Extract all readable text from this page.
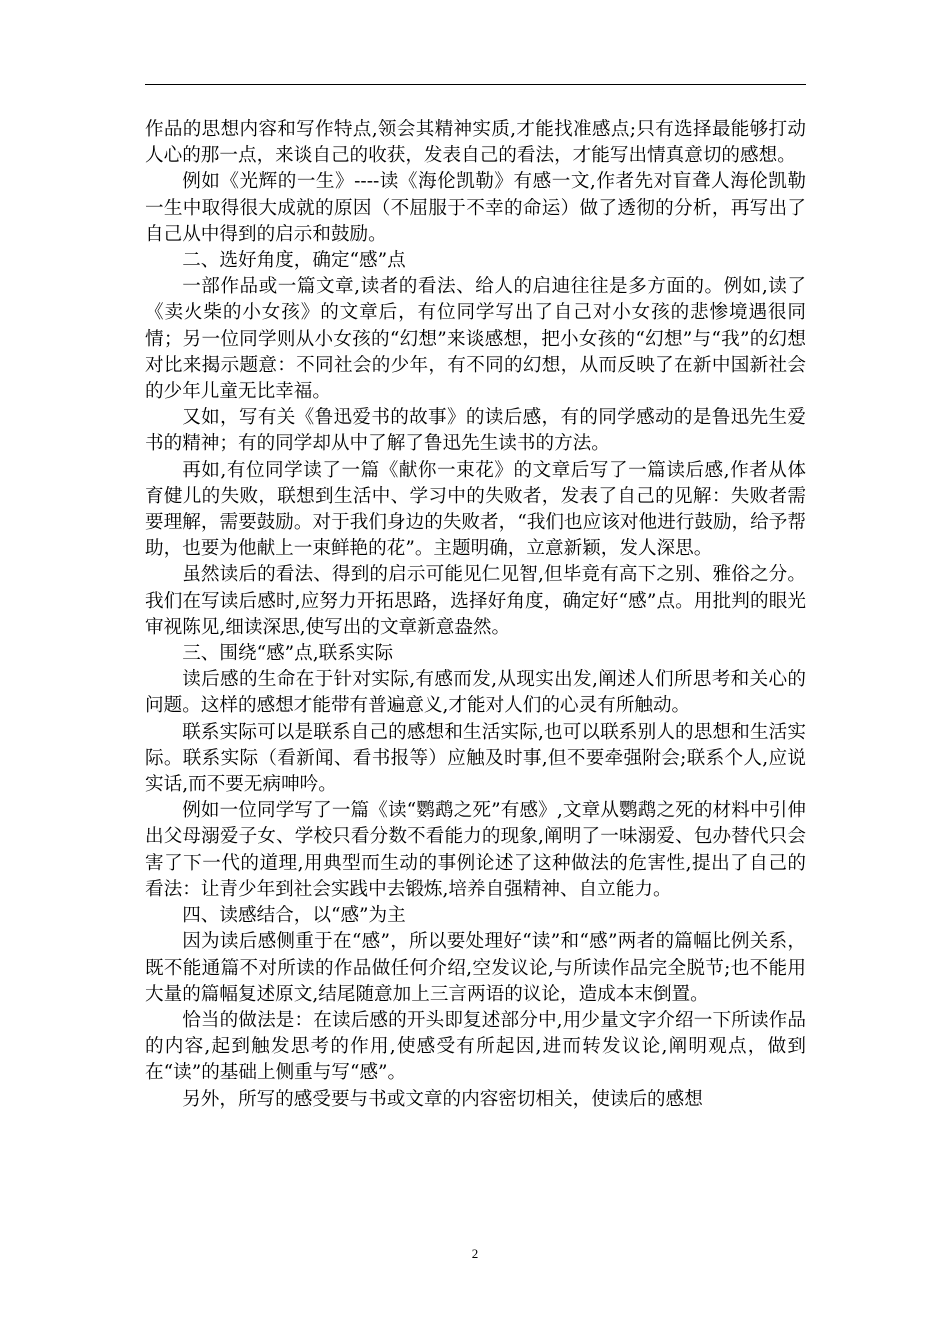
作品的思想内容和写作特点,领会其精神实质,才能找准感点;只有选择最能够打动人心的那一点，来谈自己的收获，发表自己的看法，才能写出情真意切的感想。

例如《光辉的一生》----读《海伦凯勒》有感一文,作者先对盲聋人海伦凯勒一生中取得很大成就的原因（不屈服于不幸的命运）做了透彻的分析，再写出了自己从中得到的启示和鼓励。

二、选好角度，确定“感”点

一部作品或一篇文章,读者的看法、给人的启迪往往是多方面的。例如,读了《卖火柴的小女孩》的文章后，有位同学写出了自己对小女孩的悲惨境遇很同情；另一位同学则从小女孩的“幻想”来谈感想，把小女孩的“幻想”与“我”的幻想对比来揭示题意：不同社会的少年，有不同的幻想，从而反映了在新中国新社会的少年儿童无比幸福。

又如，写有关《鲁迅爱书的故事》的读后感，有的同学感动的是鲁迅先生爱书的精神；有的同学却从中了解了鲁迅先生读书的方法。

再如,有位同学读了一篇《献你一束花》的文章后写了一篇读后感,作者从体育健儿的失败，联想到生活中、学习中的失败者，发表了自己的见解：失败者需要理解，需要鼓励。对于我们身边的失败者，“我们也应该对他进行鼓励，给予帮助，也要为他献上一束鲜艳的花”。主题明确，立意新颖，发人深思。

虽然读后的看法、得到的启示可能见仁见智,但毕竟有高下之别、雅俗之分。我们在写读后感时,应努力开拓思路，选择好角度，确定好“感”点。用批判的眼光审视陈见,细读深思,使写出的文章新意盎然。

三、围绕“感”点,联系实际

读后感的生命在于针对实际,有感而发,从现实出发,阐述人们所思考和关心的问题。这样的感想才能带有普遍意义,才能对人们的心灵有所触动。

联系实际可以是联系自己的感想和生活实际,也可以联系别人的思想和生活实际。联系实际（看新闻、看书报等）应触及时事,但不要牵强附会;联系个人,应说实话,而不要无病呻吟。

例如一位同学写了一篇《读“鹦鹉之死”有感》,文章从鹦鹉之死的材料中引伸出父母溺爱子女、学校只看分数不看能力的现象,阐明了一味溺爱、包办替代只会害了下一代的道理,用典型而生动的事例论述了这种做法的危害性,提出了自己的看法：让青少年到社会实践中去锻炼,培养自强精神、自立能力。

四、读感结合，以“感”为主

因为读后感侧重于在“感”，所以要处理好“读”和“感”两者的篇幅比例关系，既不能通篇不对所读的作品做任何介绍,空发议论,与所读作品完全脱节;也不能用大量的篇幅复述原文,结尾随意加上三言两语的议论，造成本末倒置。

恰当的做法是：在读后感的开头即复述部分中,用少量文字介绍一下所读作品的内容,起到触发思考的作用,使感受有所起因,进而转发议论,阐明观点，做到在“读”的基础上侧重与写“感”。

另外，所写的感受要与书或文章的内容密切相关，使读后的感想

2
